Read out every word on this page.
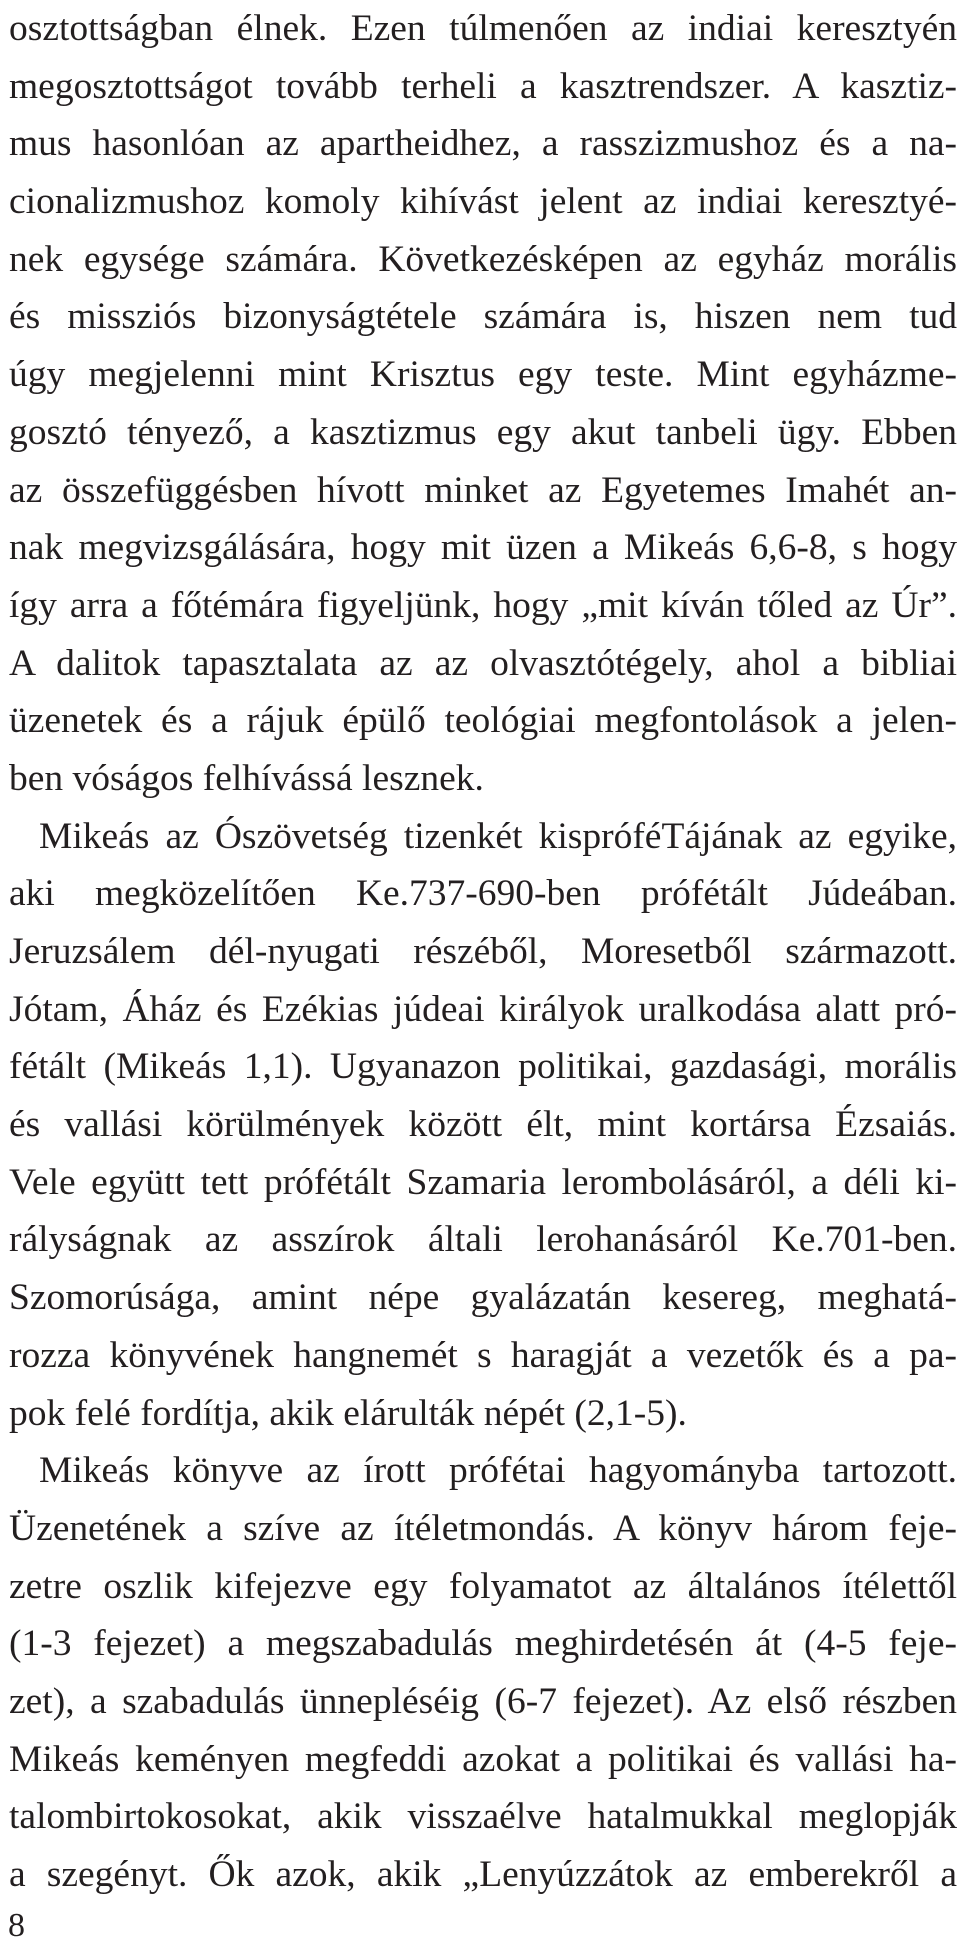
osztottságban élnek. Ezen túlmenően az indiai keresztyén
megosztottságot tovább terheli a kasztrendszer. A kasztiz-
mus hasonlóan az apartheidhez, a rasszizmushoz és a na-
cionalizmushoz komoly kihívást jelent az indiai keresztyé-
nek egysége számára. Következésképen az egyház morális
és missziós bizonyságtétele számára is, hiszen nem tud
úgy megjelenni mint Krisztus egy teste. Mint egyházme-
gosztó tényező, a kasztizmus egy akut tanbeli ügy. Ebben
az összefüggésben hívott minket az Egyetemes Imahét an-
nak megvizsgálására, hogy mit üzen a Mikeás 6,6-8, s hogy
így arra a főtémára figyeljünk, hogy „mit kíván tőled az Úr”.
A dalitok tapasztalata az az olvasztótégely, ahol a bibliai
üzenetek és a rájuk épülő teológiai megfontolások a jelen-
ben vóságos felhívássá lesznek.
Mikeás az Ószövetség tizenkét kispróféTájának az egyike,
aki megközelítően Ke.737-690-ben prófétált Júdeában.
Jeruzsálem dél-nyugati részéből, Moresetből származott.
Jótam, Áház és Ezékias júdeai királyok uralkodása alatt pró-
fétált (Mikeás 1,1). Ugyanazon politikai, gazdasági, morális
és vallási körülmények között élt, mint kortársa Ézsaiás.
Vele együtt tett prófétált Szamaria lerombolásáról, a déli ki-
rályságnak az asszírok általi lerohanásáról Ke.701-ben.
Szomorúsága, amint népe gyalázatán kesereg, meghatá-
rozza könyvének hangnemét s haragját a vezetők és a pa-
pok felé fordítja, akik elárulták népét (2,1-5).
Mikeás könyve az írott prófétai hagyományba tartozott.
Üzenetének a szíve az ítéletmondás. A könyv három feje-
zetre oszlik kifejezve egy folyamatot az általános ítélettől
(1-3 fejezet) a megszabadulás meghirdetésén át (4-5 feje-
zet), a szabadulás ünnepléséig (6-7 fejezet). Az első részben
Mikeás keményen megfeddi azokat a politikai és vallási ha-
talombirtokosokat, akik visszaélve hatalmukkal meglopják
a szegényt. Ők azok, akik „Lenyúzzátok az emberekről a
8
